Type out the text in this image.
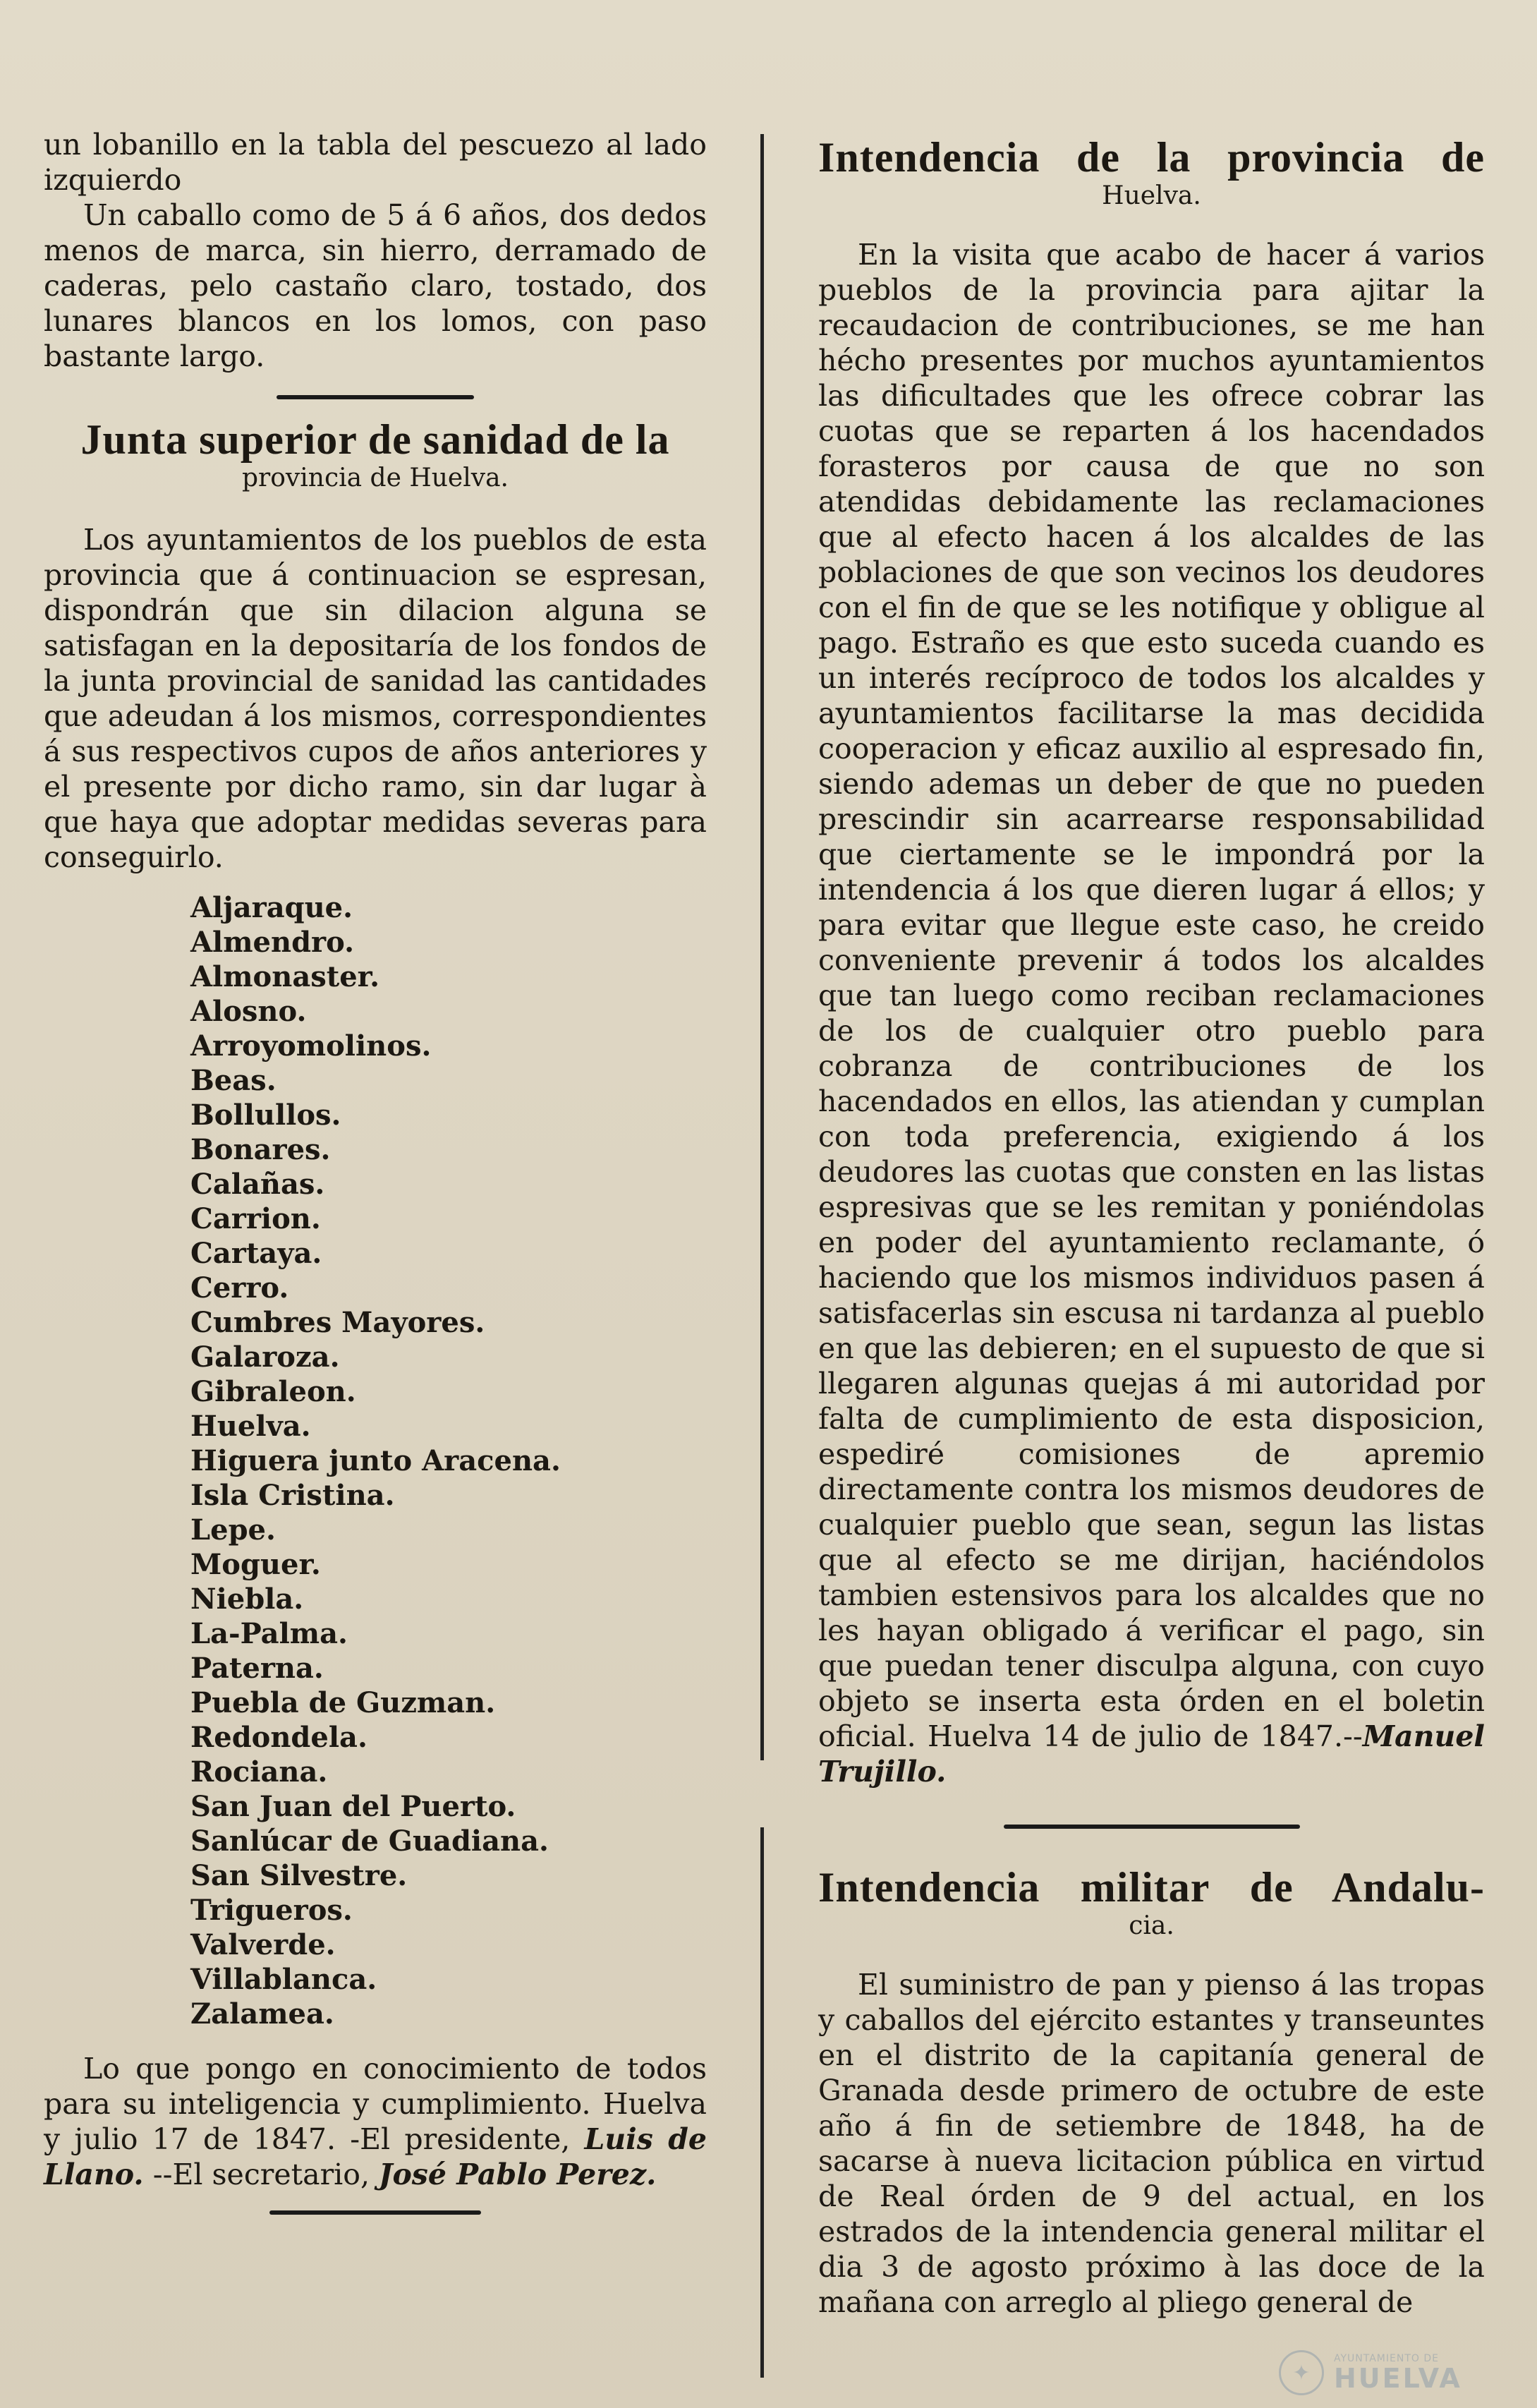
un lobanillo en la tabla del pescuezo al lado izquierdo

Un caballo como de 5 á 6 años, dos dedos menos de marca, sin hierro, derramado de caderas, pelo castaño claro, tostado, dos lunares blancos en los lomos, con paso bastante largo.

Junta superior de sanidad de la
provincia de Huelva.

Los ayuntamientos de los pueblos de esta provincia que á continuacion se espresan, dispondrán que sin dilacion alguna se satisfagan en la depositaría de los fondos de la junta provincial de sanidad las cantidades que adeudan á los mismos, correspondientes á sus respectivos cupos de años anteriores y el presente por dicho ramo, sin dar lugar à que haya que adoptar medidas severas para conseguirlo.

Aljaraque.
Almendro.
Almonaster.
Alosno.
Arroyomolinos.
Beas.
Bollullos.
Bonares.
Calañas.
Carrion.
Cartaya.
Cerro.
Cumbres Mayores.
Galaroza.
Gibraleon.
Huelva.
Higuera junto Aracena.
Isla Cristina.
Lepe.
Moguer.
Niebla.
La-Palma.
Paterna.
Puebla de Guzman.
Redondela.
Rociana.
San Juan del Puerto.
Sanlúcar de Guadiana.
San Silvestre.
Trigueros.
Valverde.
Villablanca.
Zalamea.

Lo que pongo en conocimiento de todos para su inteligencia y cumplimiento. Huelva y julio 17 de 1847. -El presidente, Luis de Llano. --El secretario, José Pablo Perez.

Intendencia de la provincia de
Huelva.

En la visita que acabo de hacer á varios pueblos de la provincia para ajitar la recaudacion de contribuciones, se me han hécho presentes por muchos ayuntamientos las dificultades que les ofrece cobrar las cuotas que se reparten á los hacendados forasteros por causa de que no son atendidas debidamente las reclamaciones que al efecto hacen á los alcaldes de las poblaciones de que son vecinos los deudores con el fin de que se les notifique y obligue al pago. Estraño es que esto suceda cuando es un interés recíproco de todos los alcaldes y ayuntamientos facilitarse la mas decidida cooperacion y eficaz auxilio al espresado fin, siendo ademas un deber de que no pueden prescindir sin acarrearse responsabilidad que ciertamente se le impondrá por la intendencia á los que dieren lugar á ellos; y para evitar que llegue este caso, he creido conveniente prevenir á todos los alcaldes que tan luego como reciban reclamaciones de los de cualquier otro pueblo para cobranza de contribuciones de los hacendados en ellos, las atiendan y cumplan con toda preferencia, exigiendo á los deudores las cuotas que consten en las listas espresivas que se les remitan y poniéndolas en poder del ayuntamiento reclamante, ó haciendo que los mismos individuos pasen á satisfacerlas sin escusa ni tardanza al pueblo en que las debieren; en el supuesto de que si llegaren algunas quejas á mi autoridad por falta de cumplimiento de esta disposicion, espediré comisiones de apremio directamente contra los mismos deudores de cualquier pueblo que sean, segun las listas que al efecto se me dirijan, haciéndolos tambien estensivos para los alcaldes que no les hayan obligado á verificar el pago, sin que puedan tener disculpa alguna, con cuyo objeto se inserta esta órden en el boletin oficial. Huelva 14 de julio de 1847.--Manuel Trujillo.

Intendencia militar de Andalu-
cia.

El suministro de pan y pienso á las tropas y caballos del ejército estantes y transeuntes en el distrito de la capitanía general de Granada desde primero de octubre de este año á fin de setiembre de 1848, ha de sacarse à nueva licitacion pública en virtud de Real órden de 9 del actual, en los estrados de la intendencia general militar el dia 3 de agosto próximo à las doce de la mañana con arreglo al pliego general de

✦
AYUNTAMIENTO DE
HUELVA
